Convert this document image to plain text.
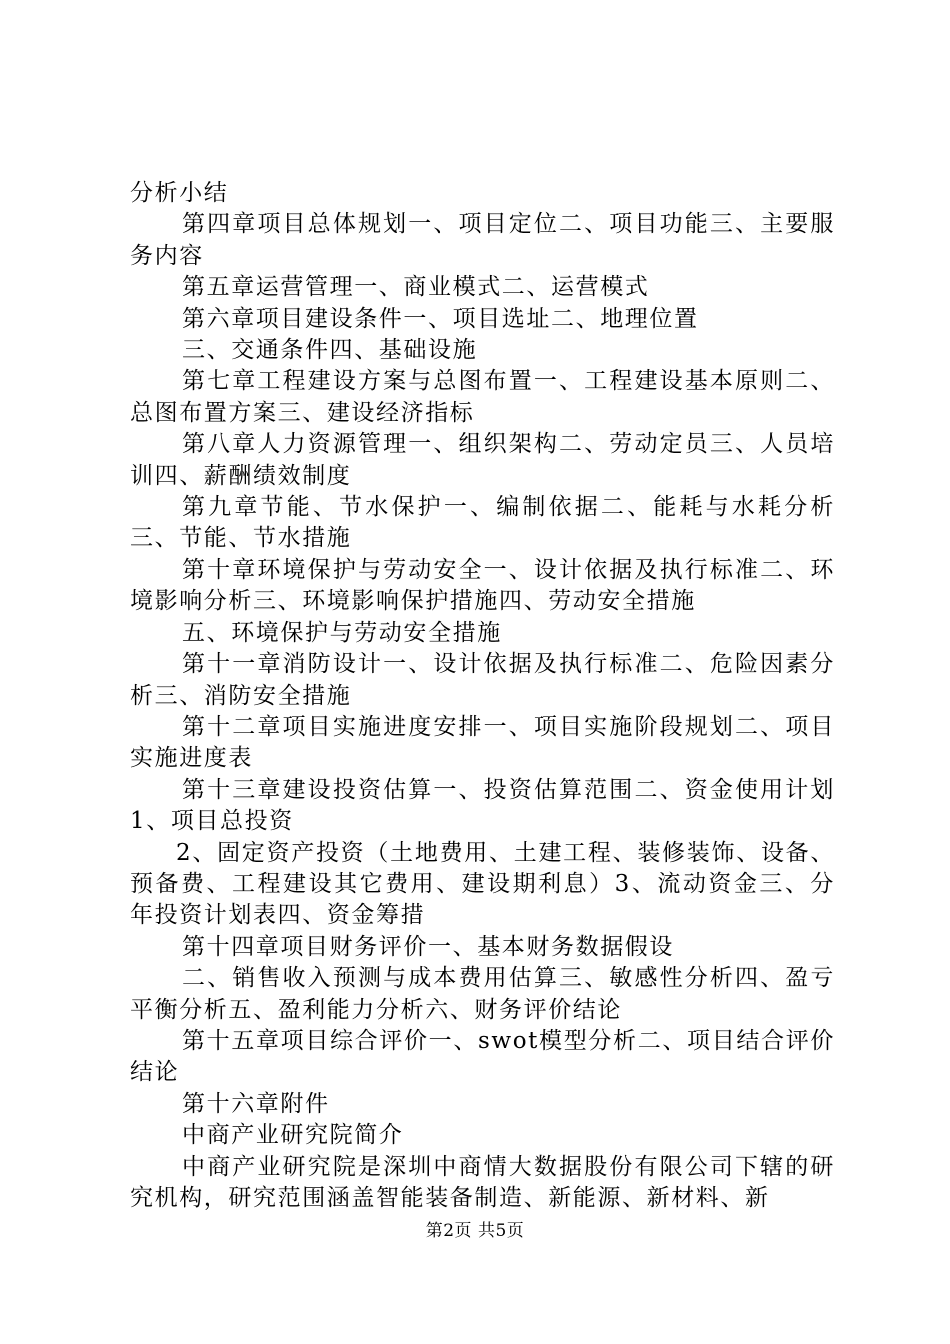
分析小结

第四章项目总体规划一、项目定位二、项目功能三、主要服务内容

第五章运营管理一、商业模式二、运营模式

第六章项目建设条件一、项目选址二、地理位置

三、交通条件四、基础设施

第七章工程建设方案与总图布置一、工程建设基本原则二、总图布置方案三、建设经济指标

第八章人力资源管理一、组织架构二、劳动定员三、人员培训四、薪酬绩效制度

第九章节能、节水保护一、编制依据二、能耗与水耗分析三、节能、节水措施

第十章环境保护与劳动安全一、设计依据及执行标准二、环境影响分析三、环境影响保护措施四、劳动安全措施

五、环境保护与劳动安全措施

第十一章消防设计一、设计依据及执行标准二、危险因素分析三、消防安全措施

第十二章项目实施进度安排一、项目实施阶段规划二、项目实施进度表

第十三章建设投资估算一、投资估算范围二、资金使用计划1、项目总投资

2、固定资产投资（土地费用、土建工程、装修装饰、设备、预备费、工程建设其它费用、建设期利息）3、流动资金三、分年投资计划表四、资金筹措

第十四章项目财务评价一、基本财务数据假设

二、销售收入预测与成本费用估算三、敏感性分析四、盈亏平衡分析五、盈利能力分析六、财务评价结论

第十五章项目综合评价一、swot模型分析二、项目结合评价结论

第十六章附件

中商产业研究院简介

中商产业研究院是深圳中商情大数据股份有限公司下辖的研究机构，研究范围涵盖智能装备制造、新能源、新材料、新

第2页 共5页
